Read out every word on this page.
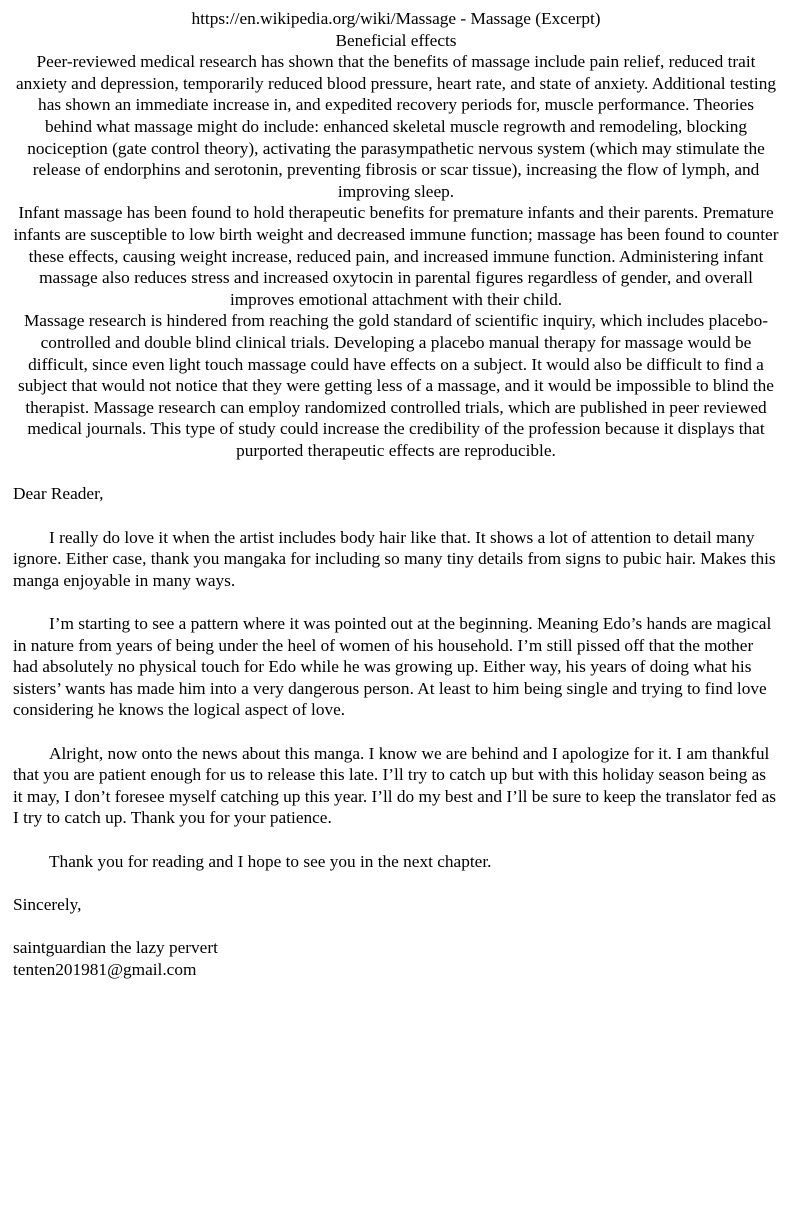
https://en.wikipedia.org/wiki/Massage - Massage (Excerpt)

Beneficial effects

Peer-reviewed medical research has shown that the benefits of massage include pain relief, reduced trait anxiety and depression, temporarily reduced blood pressure, heart rate, and state of anxiety. Additional testing has shown an immediate increase in, and expedited recovery periods for, muscle performance. Theories behind what massage might do include: enhanced skeletal muscle regrowth and remodeling, blocking nociception (gate control theory), activating the parasympathetic nervous system (which may stimulate the release of endorphins and serotonin, preventing fibrosis or scar tissue), increasing the flow of lymph, and improving sleep.

Infant massage has been found to hold therapeutic benefits for premature infants and their parents. Premature infants are susceptible to low birth weight and decreased immune function; massage has been found to counter these effects, causing weight increase, reduced pain, and increased immune function. Administering infant massage also reduces stress and increased oxytocin in parental figures regardless of gender, and overall improves emotional attachment with their child.

Massage research is hindered from reaching the gold standard of scientific inquiry, which includes placebo-controlled and double blind clinical trials. Developing a placebo manual therapy for massage would be difficult, since even light touch massage could have effects on a subject. It would also be difficult to find a subject that would not notice that they were getting less of a massage, and it would be impossible to blind the therapist. Massage research can employ randomized controlled trials, which are published in peer reviewed medical journals. This type of study could increase the credibility of the profession because it displays that purported therapeutic effects are reproducible.

Dear Reader,

I really do love it when the artist includes body hair like that. It shows a lot of attention to detail many ignore. Either case, thank you mangaka for including so many tiny details from signs to pubic hair. Makes this manga enjoyable in many ways.

I’m starting to see a pattern where it was pointed out at the beginning. Meaning Edo’s hands are magical in nature from years of being under the heel of women of his household. I’m still pissed off that the mother had absolutely no physical touch for Edo while he was growing up. Either way, his years of doing what his sisters’ wants has made him into a very dangerous person. At least to him being single and trying to find love considering he knows the logical aspect of love.

Alright, now onto the news about this manga. I know we are behind and I apologize for it. I am thankful that you are patient enough for us to release this late. I’ll try to catch up but with this holiday season being as it may, I don’t foresee myself catching up this year. I’ll do my best and I’ll be sure to keep the translator fed as I try to catch up. Thank you for your patience.

Thank you for reading and I hope to see you in the next chapter.

Sincerely,

saintguardian the lazy pervert

tenten201981@gmail.com
